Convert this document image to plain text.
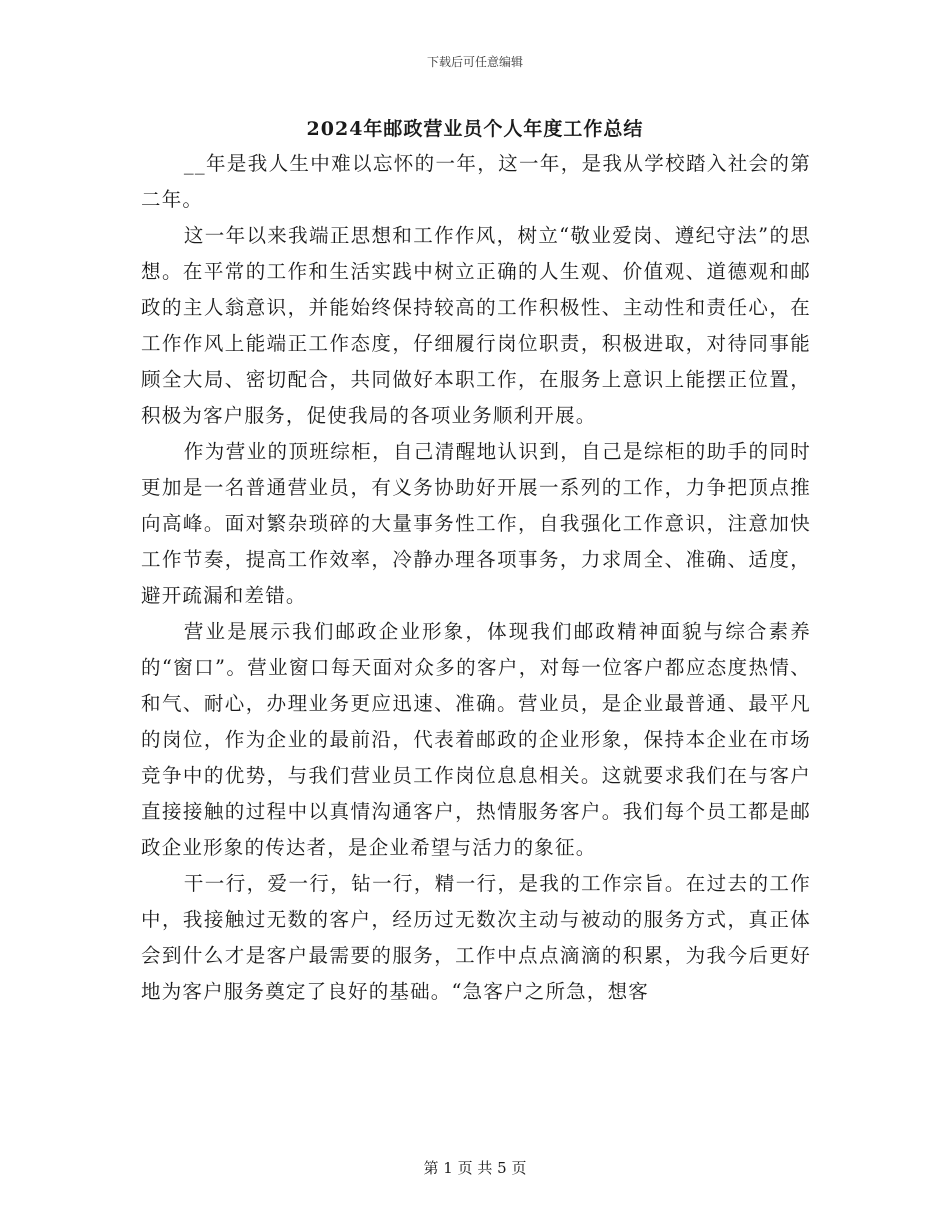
下载后可任意编辑
2024年邮政营业员个人年度工作总结

__年是我人生中难以忘怀的一年，这一年，是我从学校踏入社会的第二年。

这一年以来我端正思想和工作作风，树立“敬业爱岗、遵纪守法”的思想。在平常的工作和生活实践中树立正确的人生观、价值观、道德观和邮政的主人翁意识，并能始终保持较高的工作积极性、主动性和责任心，在工作作风上能端正工作态度，仔细履行岗位职责，积极进取，对待同事能顾全大局、密切配合，共同做好本职工作，在服务上意识上能摆正位置，积极为客户服务，促使我局的各项业务顺利开展。

作为营业的顶班综柜，自己清醒地认识到，自己是综柜的助手的同时更加是一名普通营业员，有义务协助好开展一系列的工作，力争把顶点推向高峰。面对繁杂琐碎的大量事务性工作，自我强化工作意识，注意加快工作节奏，提高工作效率，冷静办理各项事务，力求周全、准确、适度，避开疏漏和差错。

营业是展示我们邮政企业形象，体现我们邮政精神面貌与综合素养的“窗口”。营业窗口每天面对众多的客户，对每一位客户都应态度热情、和气、耐心，办理业务更应迅速、准确。营业员，是企业最普通、最平凡的岗位，作为企业的最前沿，代表着邮政的企业形象，保持本企业在市场竞争中的优势，与我们营业员工作岗位息息相关。这就要求我们在与客户直接接触的过程中以真情沟通客户，热情服务客户。我们每个员工都是邮政企业形象的传达者，是企业希望与活力的象征。

干一行，爱一行，钻一行，精一行，是我的工作宗旨。在过去的工作中，我接触过无数的客户，经历过无数次主动与被动的服务方式，真正体会到什么才是客户最需要的服务，工作中点点滴滴的积累，为我今后更好地为客户服务奠定了良好的基础。“急客户之所急，想客

第 1 页 共 5 页
